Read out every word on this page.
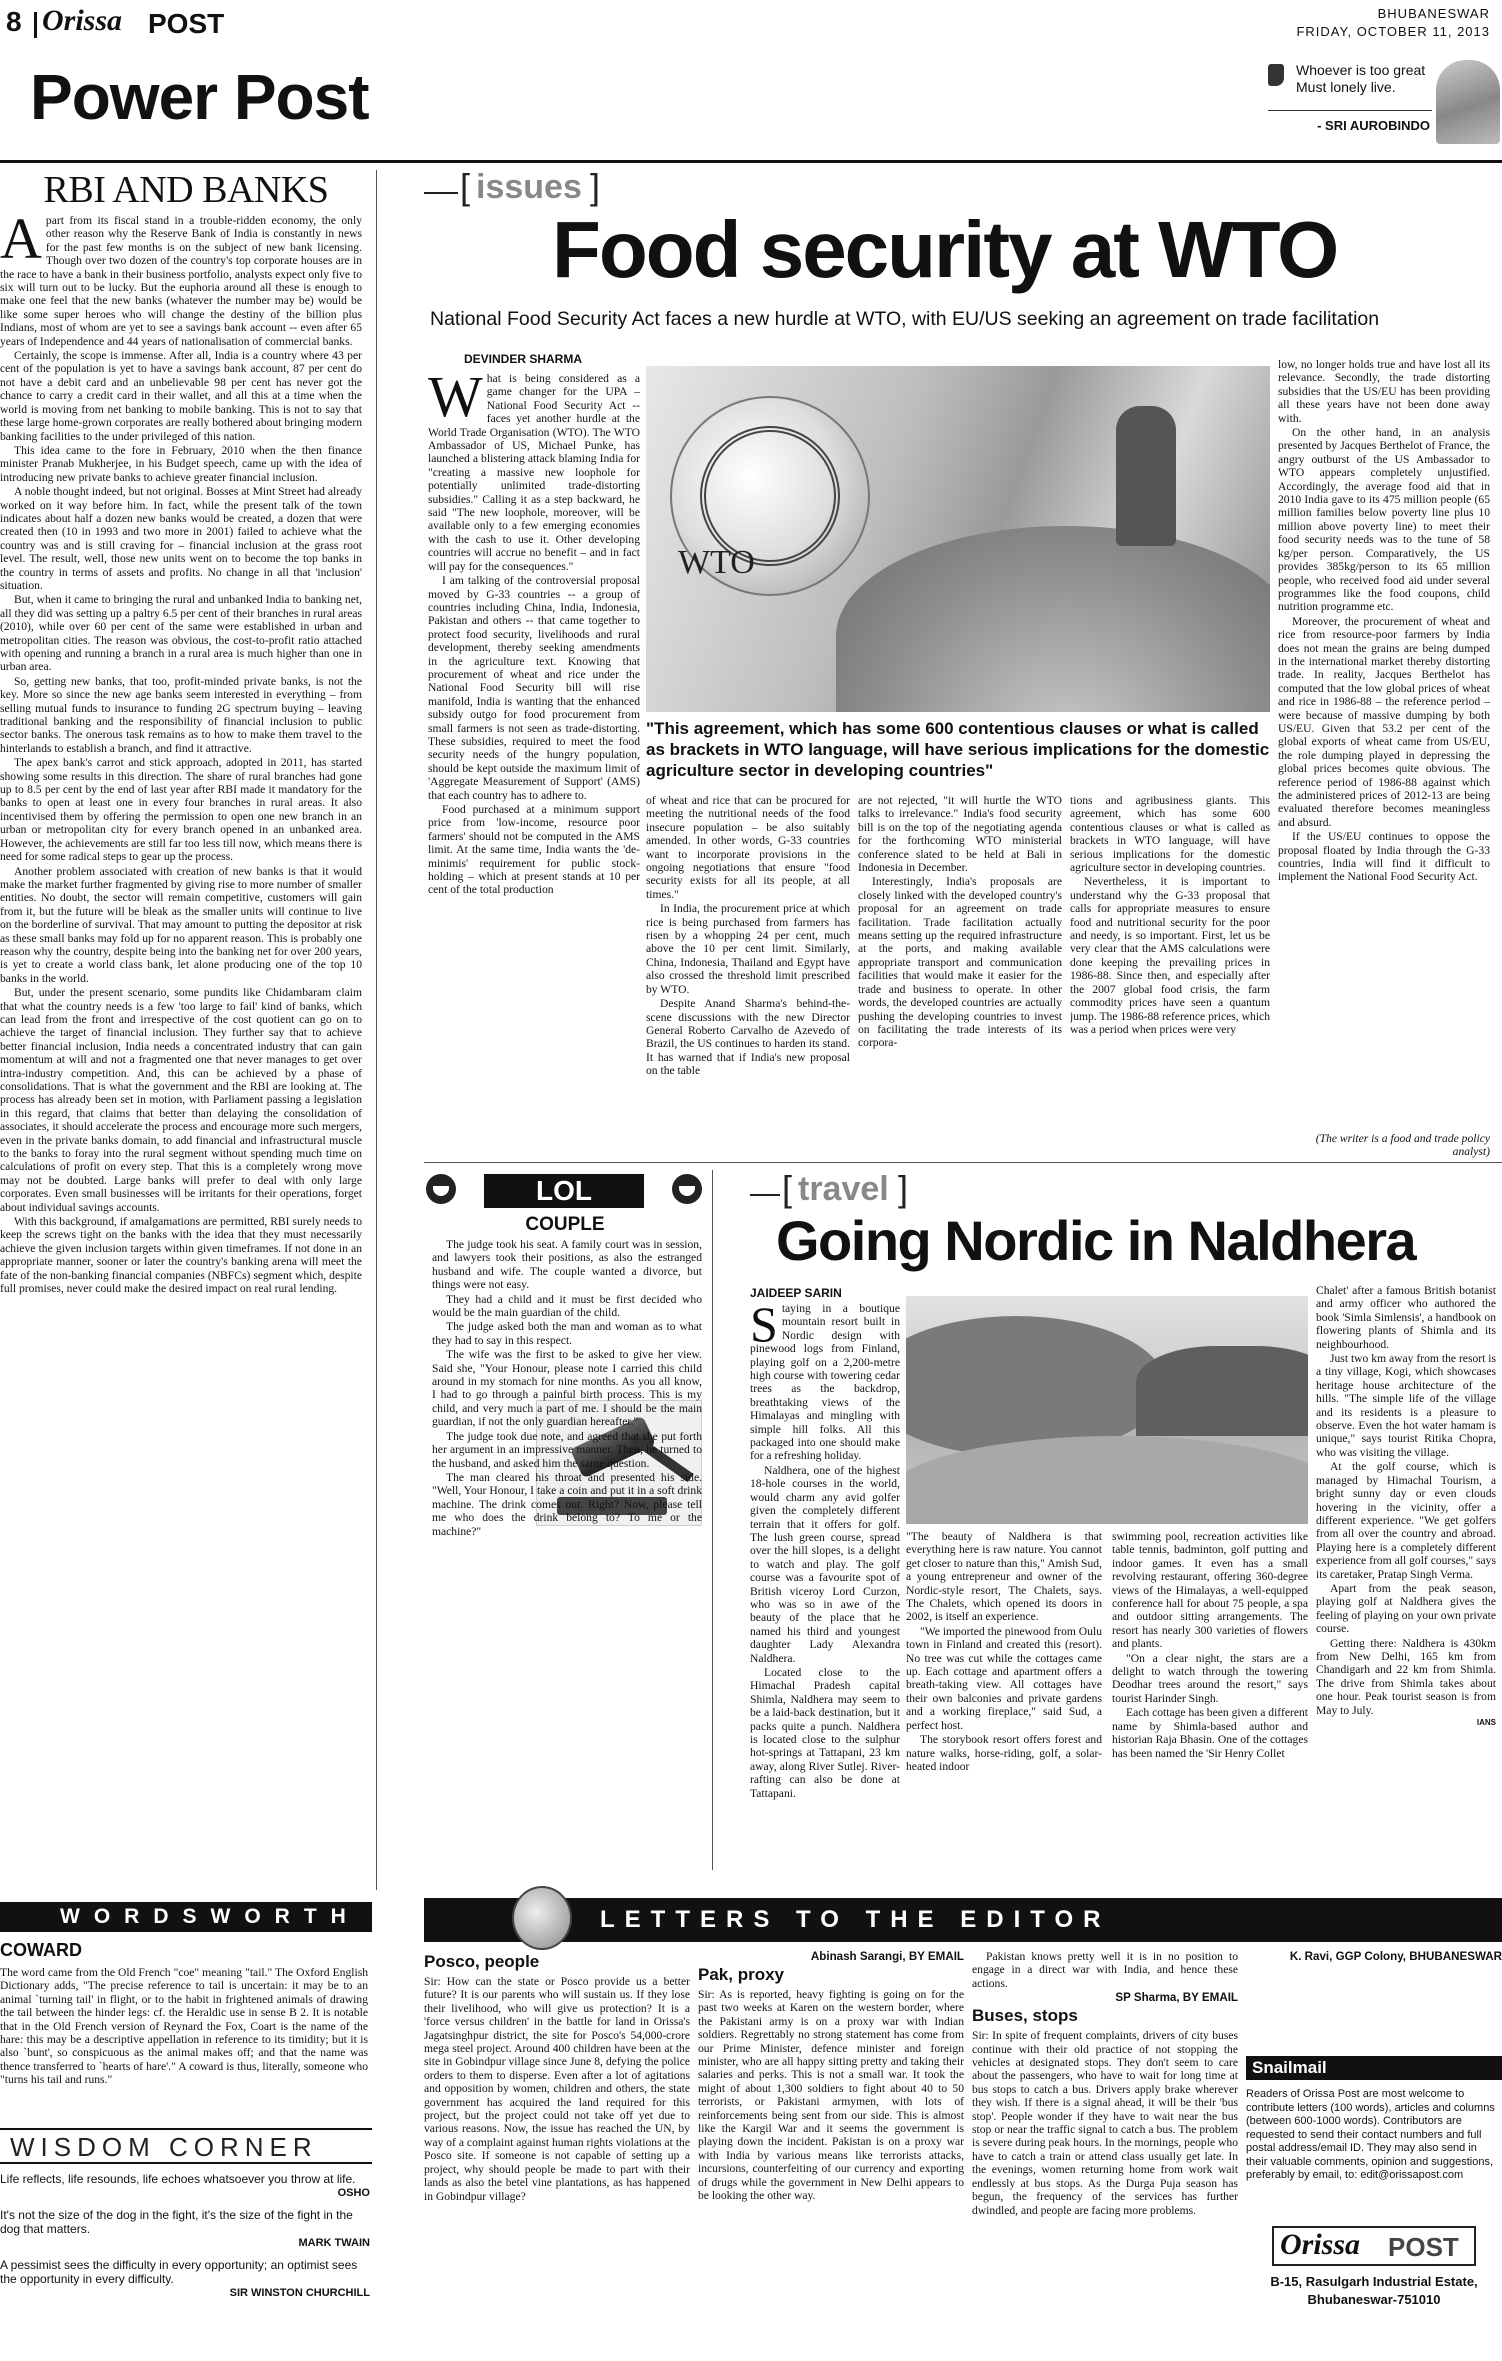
8 Orissa POST
Power Post
BHUBANESWAR
FRIDAY, OCTOBER 11, 2013
Whoever is too great Must lonely live.
- SRI AUROBINDO
RBI AND BANKS
A part from its fiscal stand in a trouble-ridden economy, the only other reason why the Reserve Bank of India is constantly in news for the past few months is on the subject of new bank licensing. Though over two dozen of the country's top corporate houses are in the race to have a bank in their business portfolio, analysts expect only five to six will turn out to be lucky. But the euphoria around all these is enough to make one feel that the new banks (whatever the number may be) would be like some super heroes who will change the destiny of the billion plus Indians, most of whom are yet to see a savings bank account -- even after 65 years of Independence and 44 years of nationalisation of commercial banks.

Certainly, the scope is immense. After all, India is a country where 43 per cent of the population is yet to have a savings bank account, 87 per cent do not have a debit card and an unbelievable 98 per cent has never got the chance to carry a credit card in their wallet, and all this at a time when the world is moving from net banking to mobile banking. This is not to say that these large home-grown corporates are really bothered about bringing modern banking facilities to the under privileged of this nation.

This idea came to the fore in February, 2010 when the then finance minister Pranab Mukherjee, in his Budget speech, came up with the idea of introducing new private banks to achieve greater financial inclusion.

A noble thought indeed, but not original. Bosses at Mint Street had already worked on it way before him. In fact, while the present talk of the town indicates about half a dozen new banks would be created, a dozen that were created then (10 in 1993 and two more in 2001) failed to achieve what the country was and is still craving for – financial inclusion at the grass root level. The result, well, those new units went on to become the top banks in the country in terms of assets and profits. No change in all that 'inclusion' situation.

But, when it came to bringing the rural and unbanked India to banking net, all they did was setting up a paltry 6.5 per cent of their branches in rural areas (2010), while over 60 per cent of the same were established in urban and metropolitan cities. The reason was obvious, the cost-to-profit ratio attached with opening and running a branch in a rural area is much higher than one in urban area.

So, getting new banks, that too, profit-minded private banks, is not the key. More so since the new age banks seem interested in everything – from selling mutual funds to insurance to funding 2G spectrum buying – leaving traditional banking and the responsibility of financial inclusion to public sector banks. The onerous task remains as to how to make them travel to the hinterlands to establish a branch, and find it attractive.

The apex bank's carrot and stick approach, adopted in 2011, has started showing some results in this direction. The share of rural branches had gone up to 8.5 per cent by the end of last year after RBI made it mandatory for the banks to open at least one in every four branches in rural areas. It also incentivised them by offering the permission to open one new branch in an urban or metropolitan city for every branch opened in an unbanked area. However, the achievements are still far too less till now, which means there is need for some radical steps to gear up the process.

Another problem associated with creation of new banks is that it would make the market further fragmented by giving rise to more number of smaller entities. No doubt, the sector will remain competitive, customers will gain from it, but the future will be bleak as the smaller units will continue to live on the borderline of survival. That may amount to putting the depositor at risk as these small banks may fold up for no apparent reason. This is probably one reason why the country, despite being into the banking net for over 200 years, is yet to create a world class bank, let alone producing one of the top 10 banks in the world.

But, under the present scenario, some pundits like Chidambaram claim that what the country needs is a few 'too large to fail' kind of banks, which can lead from the front and irrespective of the cost quotient can go on to achieve the target of financial inclusion. They further say that to achieve better financial inclusion, India needs a concentrated industry that can gain momentum at will and not a fragmented one that never manages to get over intra-industry competition. And, this can be achieved by a phase of consolidations. That is what the government and the RBI are looking at. The process has already been set in motion, with Parliament passing a legislation in this regard, that claims that better than delaying the consolidation of associates, it should accelerate the process and encourage more such mergers, even in the private banks domain, to add financial and infrastructural muscle to the banks to foray into the rural segment without spending much time on calculations of profit on every step. That this is a completely wrong move may not be doubted. Large banks will prefer to deal with only large corporates. Even small businesses will be irritants for their operations, forget about individual savings accounts.

With this background, if amalgamations are permitted, RBI surely needs to keep the screws tight on the banks with the idea that they must necessarily achieve the given inclusion targets within given timeframes. If not done in an appropriate manner, sooner or later the country's banking arena will meet the fate of the non-banking financial companies (NBFCs) segment which, despite full promises, never could make the desired impact on real rural lending.

WORDSWORTH
COWARD

The word came from the Old French "coe" meaning "tail." The Oxford English Dictionary adds, "The precise reference to tail is uncertain: it may be to an animal `turning tail' in flight, or to the habit in frightened animals of drawing the tail between the hinder legs: cf. the Heraldic use in sense B 2. It is notable that in the Old French version of Reynard the Fox, Coart is the name of the hare: this may be a descriptive appellation in reference to its timidity; but it is also `bunt', so conspicuous as the animal makes off; and that the name was thence transferred to `hearts of hare'." A coward is thus, literally, someone who "turns his tail and runs."

WISDOM CORNER
Life reflects, life resounds, life echoes whatsoever you throw at life.
OSHO
It's not the size of the dog in the fight, it's the size of the fight in the dog that matters.
MARK TWAIN
A pessimist sees the difficulty in every opportunity; an optimist sees the opportunity in every difficulty.
SIR WINSTON CHURCHILL
[ issues ]
Food security at WTO
National Food Security Act faces a new hurdle at WTO, with EU/US seeking an agreement on trade facilitation
DEVINDER SHARMA
WTO
"This agreement, which has some 600 contentious clauses or what is called as brackets in WTO language, will have serious implications for the domestic agriculture sector in developing countries"
W hat is being considered as a game changer for the UPA – National Food Security Act -- faces yet another hurdle at the World Trade Organisation (WTO). The WTO Ambassador of US, Michael Punke, has launched a blistering attack blaming India for "creating a massive new loophole for potentially unlimited trade-distorting subsidies." Calling it as a step backward, he said "The new loophole, moreover, will be available only to a few emerging economies with the cash to use it. Other developing countries will accrue no benefit – and in fact will pay for the consequences."

I am talking of the controversial proposal moved by G-33 countries -- a group of countries including China, India, Indonesia, Pakistan and others -- that came together to protect food security, livelihoods and rural development, thereby seeking amendments in the agriculture text. Knowing that procurement of wheat and rice under the National Food Security bill will rise manifold, India is wanting that the enhanced subsidy outgo for food procurement from small farmers is not seen as trade-distorting. These subsidies, required to meet the food security needs of the hungry population, should be kept outside the maximum limit of 'Aggregate Measurement of Support' (AMS) that each country has to adhere to.

Food purchased at a minimum support price from 'low-income, resource poor farmers' should not be computed in the AMS limit. At the same time, India wants the 'de-minimis' requirement for public stock-holding – which at present stands at 10 per cent of the total production

of wheat and rice that can be procured for meeting the nutritional needs of the food insecure population – be also suitably amended. In other words, G-33 countries want to incorporate provisions in the ongoing negotiations that ensure "food security exists for all its people, at all times."

In India, the procurement price at which rice is being purchased from farmers has risen by a whopping 24 per cent, much above the 10 per cent limit. Similarly, China, Indonesia, Thailand and Egypt have also crossed the threshold limit prescribed by WTO.

Despite Anand Sharma's behind-the-scene discussions with the new Director General Roberto Carvalho de Azevedo of Brazil, the US continues to harden its stand. It has warned that if India's new proposal on the table

are not rejected, "it will hurtle the WTO talks to irrelevance." India's food security bill is on the top of the negotiating agenda for the forthcoming WTO ministerial conference slated to be held at Bali in Indonesia in December.

Interestingly, India's proposals are closely linked with the developed country's proposal for an agreement on trade facilitation. Trade facilitation actually means setting up the required infrastructure at the ports, and making available appropriate transport and communication facilities that would make it easier for the trade and business to operate. In other words, the developed countries are actually pushing the developing countries to invest on facilitating the trade interests of its corpora-

tions and agribusiness giants. This agreement, which has some 600 contentious clauses or what is called as brackets in WTO language, will have serious implications for the domestic agriculture sector in developing countries.

Nevertheless, it is important to understand why the G-33 proposal that calls for appropriate measures to ensure food and nutritional security for the poor and needy, is so important. First, let us be very clear that the AMS calculations were done keeping the prevailing prices in 1986-88. Since then, and especially after the 2007 global food crisis, the farm commodity prices have seen a quantum jump. The 1986-88 reference prices, which was a period when prices were very

low, no longer holds true and have lost all its relevance. Secondly, the trade distorting subsidies that the US/EU has been providing all these years have not been done away with.

On the other hand, in an analysis presented by Jacques Berthelot of France, the angry outburst of the US Ambassador to WTO appears completely unjustified. Accordingly, the average food aid that in 2010 India gave to its 475 million people (65 million families below poverty line plus 10 million above poverty line) to meet their food security needs was to the tune of 58 kg/per person. Comparatively, the US provides 385kg/person to its 65 million people, who received food aid under several programmes like the food coupons, child nutrition programme etc.

Moreover, the procurement of wheat and rice from resource-poor farmers by India does not mean the grains are being dumped in the international market thereby distorting trade. In reality, Jacques Berthelot has computed that the low global prices of wheat and rice in 1986-88 – the reference period – were because of massive dumping by both US/EU. Given that 53.2 per cent of the global exports of wheat came from US/EU, the role dumping played in depressing the global prices becomes quite obvious. The reference period of 1986-88 against which the administered prices of 2012-13 are being evaluated therefore becomes meaningless and absurd.

If the US/EU continues to oppose the proposal floated by India through the G-33 countries, India will find it difficult to implement the National Food Security Act.

(The writer is a food and trade policy analyst)
LOL
COUPLE

The judge took his seat. A family court was in session, and lawyers took their positions, as also the estranged husband and wife. The couple wanted a divorce, but things were not easy.

They had a child and it must be first decided who would be the main guardian of the child.

The judge asked both the man and woman as to what they had to say in this respect.

The wife was the first to be asked to give her view. Said she, "Your Honour, please note I carried this child around in my stomach for nine months. As you all know, I had to go through a painful birth process. This is my child, and very much a part of me. I should be the main guardian, if not the only guardian hereafter."

The judge took due note, and agreed that she put forth her argument in an impressive manner. Then, he turned to the husband, and asked him the same question.

The man cleared his throat and presented his side. "Well, Your Honour, I take a coin and put it in a soft drink machine. The drink comes out. Right? Now, please tell me who does the drink belong to? To me or the machine?"

[ travel ]
Going Nordic in Naldhera
JAIDEEP SARIN
S taying in a boutique mountain resort built in Nordic design with pinewood logs from Finland, playing golf on a 2,200-metre high course with towering cedar trees as the backdrop, breathtaking views of the Himalayas and mingling with simple hill folks. All this packaged into one should make for a refreshing holiday.

Naldhera, one of the highest 18-hole courses in the world, would charm any avid golfer given the completely different terrain that it offers for golf. The lush green course, spread over the hill slopes, is a delight to watch and play. The golf course was a favourite spot of British viceroy Lord Curzon, who was so in awe of the beauty of the place that he named his third and youngest daughter Lady Alexandra Naldhera.

Located close to the Himachal Pradesh capital Shimla, Naldhera may seem to be a laid-back destination, but it packs quite a punch. Naldhera is located close to the sulphur hot-springs at Tattapani, 23 km away, along River Sutlej. River-rafting can also be done at Tattapani.

"The beauty of Naldhera is that everything here is raw nature. You cannot get closer to nature than this," Amish Sud, a young entrepreneur and owner of the Nordic-style resort, The Chalets, says. The Chalets, which opened its doors in 2002, is itself an experience.

"We imported the pinewood from Oulu town in Finland and created this (resort). No tree was cut while the cottages came up. Each cottage and apartment offers a breath-taking view. All cottages have their own balconies and private gardens and a working fireplace," said Sud, a perfect host.

The storybook resort offers forest and nature walks, horse-riding, golf, a solar-heated indoor

swimming pool, recreation activities like table tennis, badminton, golf putting and indoor games. It even has a small revolving restaurant, offering 360-degree views of the Himalayas, a well-equipped conference hall for about 75 people, a spa and outdoor sitting arrangements. The resort has nearly 300 varieties of flowers and plants.

"On a clear night, the stars are a delight to watch through the towering Deodhar trees around the resort," says tourist Harinder Singh.

Each cottage has been given a different name by Shimla-based author and historian Raja Bhasin. One of the cottages has been named the 'Sir Henry Collet

Chalet' after a famous British botanist and army officer who authored the book 'Simla Simlensis', a handbook on flowering plants of Shimla and its neighbourhood.

Just two km away from the resort is a tiny village, Kogi, which showcases heritage house architecture of the hills. "The simple life of the village and its residents is a pleasure to observe. Even the hot water hamam is unique," says tourist Ritika Chopra, who was visiting the village.

At the golf course, which is managed by Himachal Tourism, a bright sunny day or even clouds hovering in the vicinity, offer a different experience. "We get golfers from all over the country and abroad. Playing here is a completely different experience from all golf courses," says its caretaker, Pratap Singh Verma.

Apart from the peak season, playing golf at Naldhera gives the feeling of playing on your own private course.

Getting there: Naldhera is 430km from New Delhi, 165 km from Chandigarh and 22 km from Shimla. The drive from Shimla takes about one hour. Peak tourist season is from May to July.

IANS
LETTERS TO THE EDITOR
Posco, people

Sir: How can the state or Posco provide us a better future? It is our parents who will sustain us. If they lose their livelihood, who will give us protection? It is a 'force versus children' in the battle for land in Orissa's Jagatsinghpur district, the site for Posco's 54,000-crore mega steel project. Around 400 children have been at the site in Gobindpur village since June 8, defying the police orders to them to disperse. Even after a lot of agitations and opposition by women, children and others, the state government has acquired the land required for this project, but the project could not take off yet due to various reasons. Now, the issue has reached the UN, by way of a complaint against human rights violations at the Posco site. If someone is not capable of setting up a project, why should people be made to part with their lands as also the betel vine plantations, as has happened in Gobindpur village?

Abinash Sarangi, BY EMAIL
Pak, proxy

Sir: As is reported, heavy fighting is going on for the past two weeks at Karen on the western border, where the Pakistani army is on a proxy war with Indian soldiers. Regrettably no strong statement has come from our Prime Minister, defence minister and foreign minister, who are all happy sitting pretty and taking their salaries and perks. This is not a small war. It took the might of about 1,300 soldiers to fight about 40 to 50 terrorists, or Pakistani armymen, with lots of reinforcements being sent from our side. This is almost like the Kargil War and it seems the government is playing down the incident. Pakistan is on a proxy war with India by various means like terrorists attacks, incursions, counterfeiting of our currency and exporting of drugs while the government in New Delhi appears to be looking the other way.

Pakistan knows pretty well it is in no position to engage in a direct war with India, and hence these actions.

SP Sharma, BY EMAIL
Buses, stops

Sir: In spite of frequent complaints, drivers of city buses continue with their old practice of not stopping the vehicles at designated stops. They don't seem to care about the passengers, who have to wait for long time at bus stops to catch a bus. Drivers apply brake wherever they wish. If there is a signal ahead, it will be their 'bus stop'. People wonder if they have to wait near the bus stop or near the traffic signal to catch a bus. The problem is severe during peak hours. In the mornings, people who have to catch a train or attend class usually get late. In the evenings, women returning home from work wait endlessly at bus stops. As the Durga Puja season has begun, the frequency of the services has further dwindled, and people are facing more problems.

K. Ravi, GGP Colony, BHUBANESWAR
Snailmail
Readers of Orissa Post are most welcome to contribute letters (100 words), articles and columns (between 600-1000 words). Contributors are requested to send their contact numbers and full postal address/email ID. They may also send in their valuable comments, opinion and suggestions, preferably by email, to: edit@orissapost.com
Orissa POST
B-15, Rasulgarh Industrial Estate,
Bhubaneswar-751010
